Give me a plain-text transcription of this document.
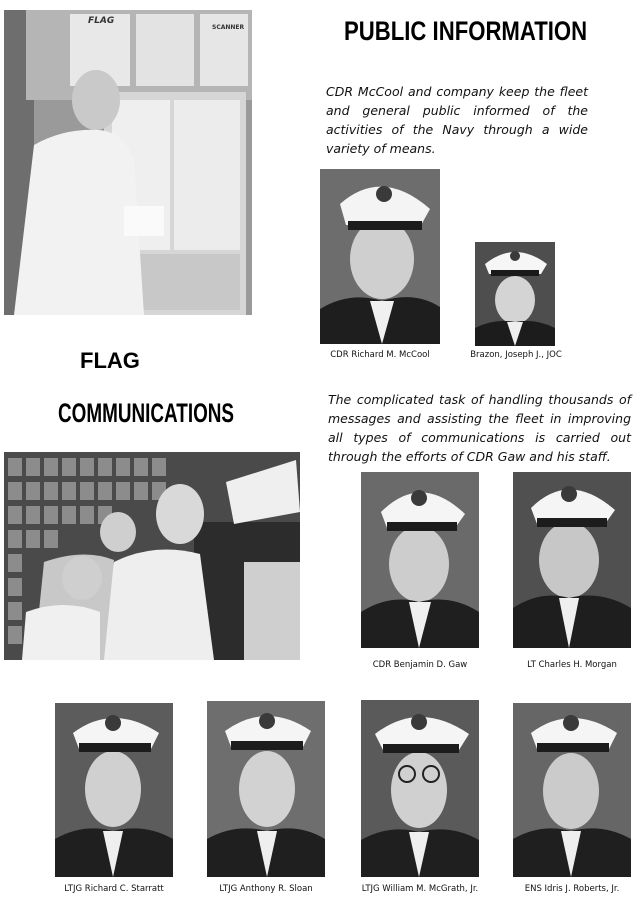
FLAG
SCANNER	PUBLIC INFORMATION
CDR McCool and company keep the fleet and general public informed of the activities of the Navy through a wide variety of means.
CDR Richard M. McCool	Brazon, Joseph J., JOC
FLAG
COMMUNICATIONS	The complicated task of handling thousands of messages and assisting the fleet in improving all types of communications is carried out through the efforts of CDR Gaw and his staff.
CDR Benjamin D. Gaw	LT Charles H. Morgan
LTJG Richard C. Starratt	LTJG Anthony R. Sloan	LTJG William M. McGrath, Jr.	ENS Idris J. Roberts, Jr.
